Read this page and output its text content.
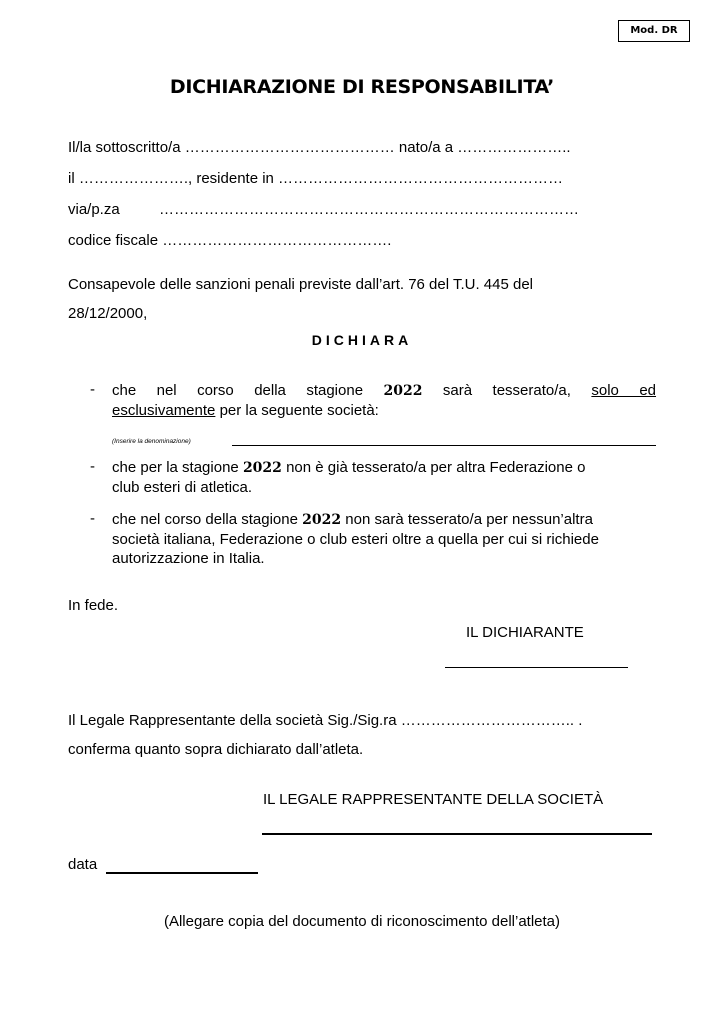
Mod. DR
DICHIARAZIONE DI RESPONSABILITA’
Il/la sottoscritto/a …………………………………… nato/a a …………………..
il …………………., residente in …………………………………………………
via/p.za	…………………………………………………………………………
codice fiscale ……………………………………….
Consapevole delle sanzioni penali previste dall’art. 76 del T.U. 445 del
28/12/2000,
DICHIARA
- che nel corso della stagione 2022 sarà tesserato/a, solo ed
esclusivamente per la seguente società:
(Inserire la denominazione)
- che per la stagione 2022 non è già tesserato/a per altra Federazione o
club esteri di atletica.
- che nel corso della stagione 2022 non sarà tesserato/a per nessun’altra
società italiana, Federazione o club esteri oltre a quella per cui si richiede
autorizzazione in Italia.
In fede.
IL DICHIARANTE
Il Legale Rappresentante della società Sig./Sig.ra …………………………….. .
conferma quanto sopra dichiarato dall’atleta.
IL LEGALE RAPPRESENTANTE DELLA SOCIETÀ
data
(Allegare copia del documento di riconoscimento dell’atleta)
